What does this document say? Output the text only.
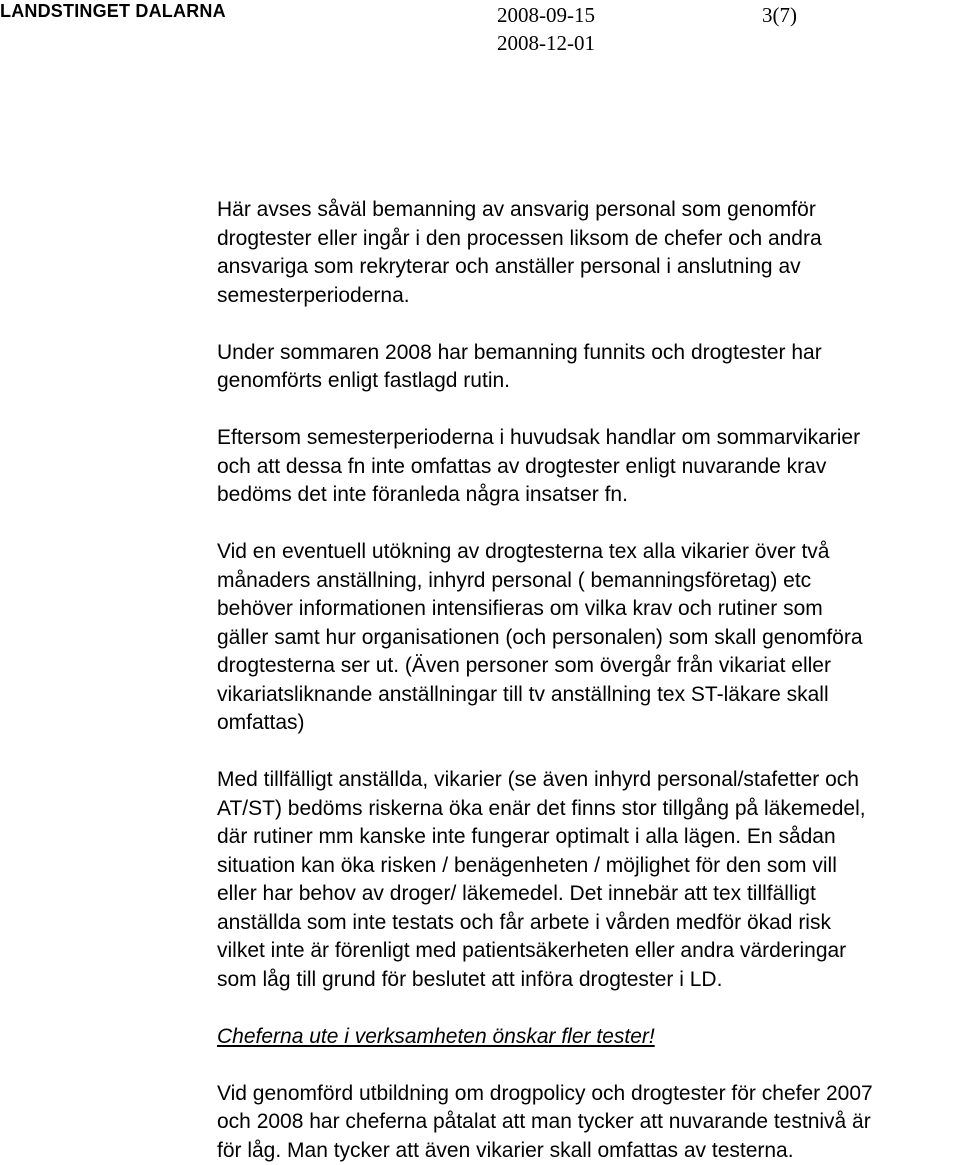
LANDSTINGET DALARNA	2008-09-15
2008-12-01
3(7)

Här avses såväl bemanning av ansvarig personal som genomför
drogtester eller ingår i den processen liksom de chefer och andra
ansvariga som rekryterar och anställer personal i anslutning av
semesterperioderna.

Under sommaren 2008 har bemanning funnits och drogtester har
genomförts enligt fastlagd rutin.

Eftersom semesterperioderna i huvudsak handlar om sommarvikarier
och att dessa fn inte omfattas av drogtester enligt nuvarande krav
bedöms det inte föranleda några insatser fn.

Vid en eventuell utökning av drogtesterna tex alla vikarier över två
månaders anställning, inhyrd personal ( bemanningsföretag) etc
behöver informationen intensifieras om vilka krav och rutiner som
gäller samt hur organisationen (och personalen) som skall genomföra
drogtesterna ser ut. (Även personer som övergår från vikariat eller
vikariatsliknande anställningar till tv anställning tex ST-läkare skall
omfattas)

Med tillfälligt anställda, vikarier (se även inhyrd personal/stafetter och
AT/ST) bedöms riskerna öka enär det finns stor tillgång på läkemedel,
där rutiner mm kanske inte fungerar optimalt i alla lägen. En sådan
situation kan öka risken / benägenheten / möjlighet för den som vill
eller har behov av droger/ läkemedel. Det innebär att tex tillfälligt
anställda som inte testats och får arbete i vården medför ökad risk
vilket inte är förenligt med patientsäkerheten eller andra värderingar
som låg till grund för beslutet att införa drogtester i LD.

Cheferna ute i verksamheten önskar fler tester!

Vid genomförd utbildning om drogpolicy och drogtester för chefer 2007
och 2008 har cheferna påtalat att man tycker att nuvarande testnivå är
för låg. Man tycker att även vikarier skall omfattas av testerna.
